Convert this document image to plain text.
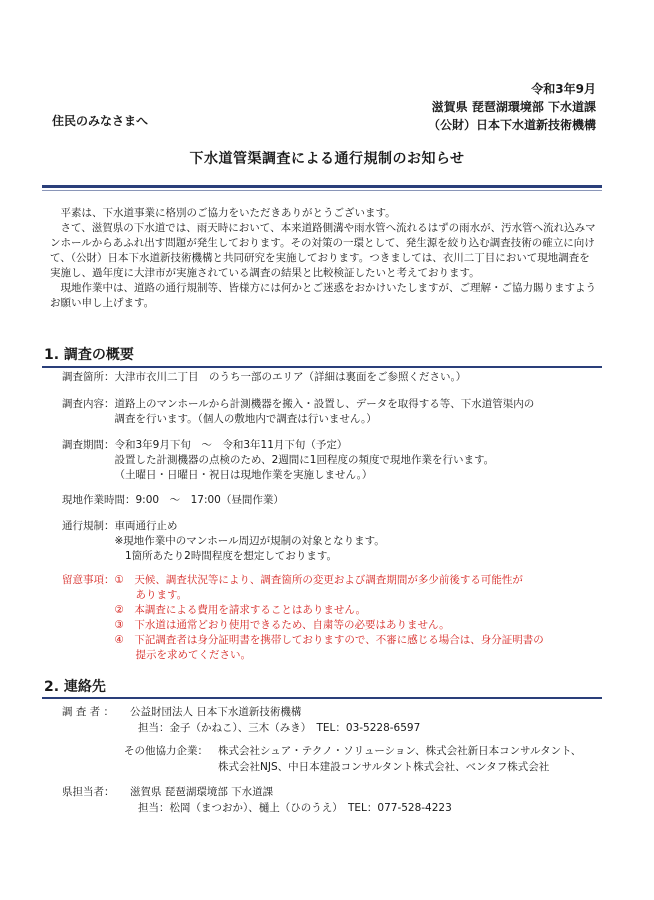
令和3年9月
滋賀県 琵琶湖環境部 下水道課
（公財）日本下水道新技術機構
住民のみなさまへ
下水道管渠調査による通行規制のお知らせ

平素は、下水道事業に格別のご協力をいただきありがとうございます。

さて、滋賀県の下水道では、雨天時において、本来道路側溝や雨水管へ流れるはずの雨水が、汚水管へ流れ込みマンホールからあふれ出す問題が発生しております。その対策の一環として、発生源を絞り込む調査技術の確立に向けて、（公財）日本下水道新技術機構と共同研究を実施しております。つきましては、衣川二丁目において現地調査を実施し、過年度に大津市が実施されている調査の結果と比較検証したいと考えております。

現地作業中は、道路の通行規制等、皆様方には何かとご迷惑をおかけいたしますが、ご理解・ご協力賜りますようお願い申し上げます。

1. 調査の概要
調査箇所： 大津市衣川二丁目　のうち一部のエリア（詳細は裏面をご参照ください。）
調査内容： 道路上のマンホールから計測機器を搬入・設置し、データを取得する等、下水道管渠内の
調査を行います。（個人の敷地内で調査は行いません。）
調査期間： 令和3年9月下旬　～　令和3年11月下旬（予定）
設置した計測機器の点検のため、2週間に1回程度の頻度で現地作業を行います。
（土曜日・日曜日・祝日は現地作業を実施しません。）
現地作業時間： 9:00　～　17:00（昼間作業）
通行規制： 車両通行止め
※現地作業中のマンホール周辺が規制の対象となります。
　1箇所あたり2時間程度を想定しております。
留意事項： ①　天候、調査状況等により、調査箇所の変更および調査期間が多少前後する可能性が
　　あります。
②　本調査による費用を請求することはありません。
③　下水道は通常どおり使用できるため、自粛等の必要はありません。
④　下記調査者は身分証明書を携帯しておりますので、不審に感じる場合は、身分証明書の
　　提示を求めてください。
2. 連絡先
調 査 者 ： 公益財団法人 日本下水道新技術機構
担当：金子（かねこ）、三木（みき）　TEL：03-5228-6597
その他協力企業： 株式会社シュア・テクノ・ソリューション、株式会社新日本コンサルタント、
株式会社NJS、中日本建設コンサルタント株式会社、ベンタフ株式会社
県担当者： 滋賀県 琵琶湖環境部 下水道課
担当：松岡（まつおか）、樋上（ひのうえ）　TEL：077-528-4223
